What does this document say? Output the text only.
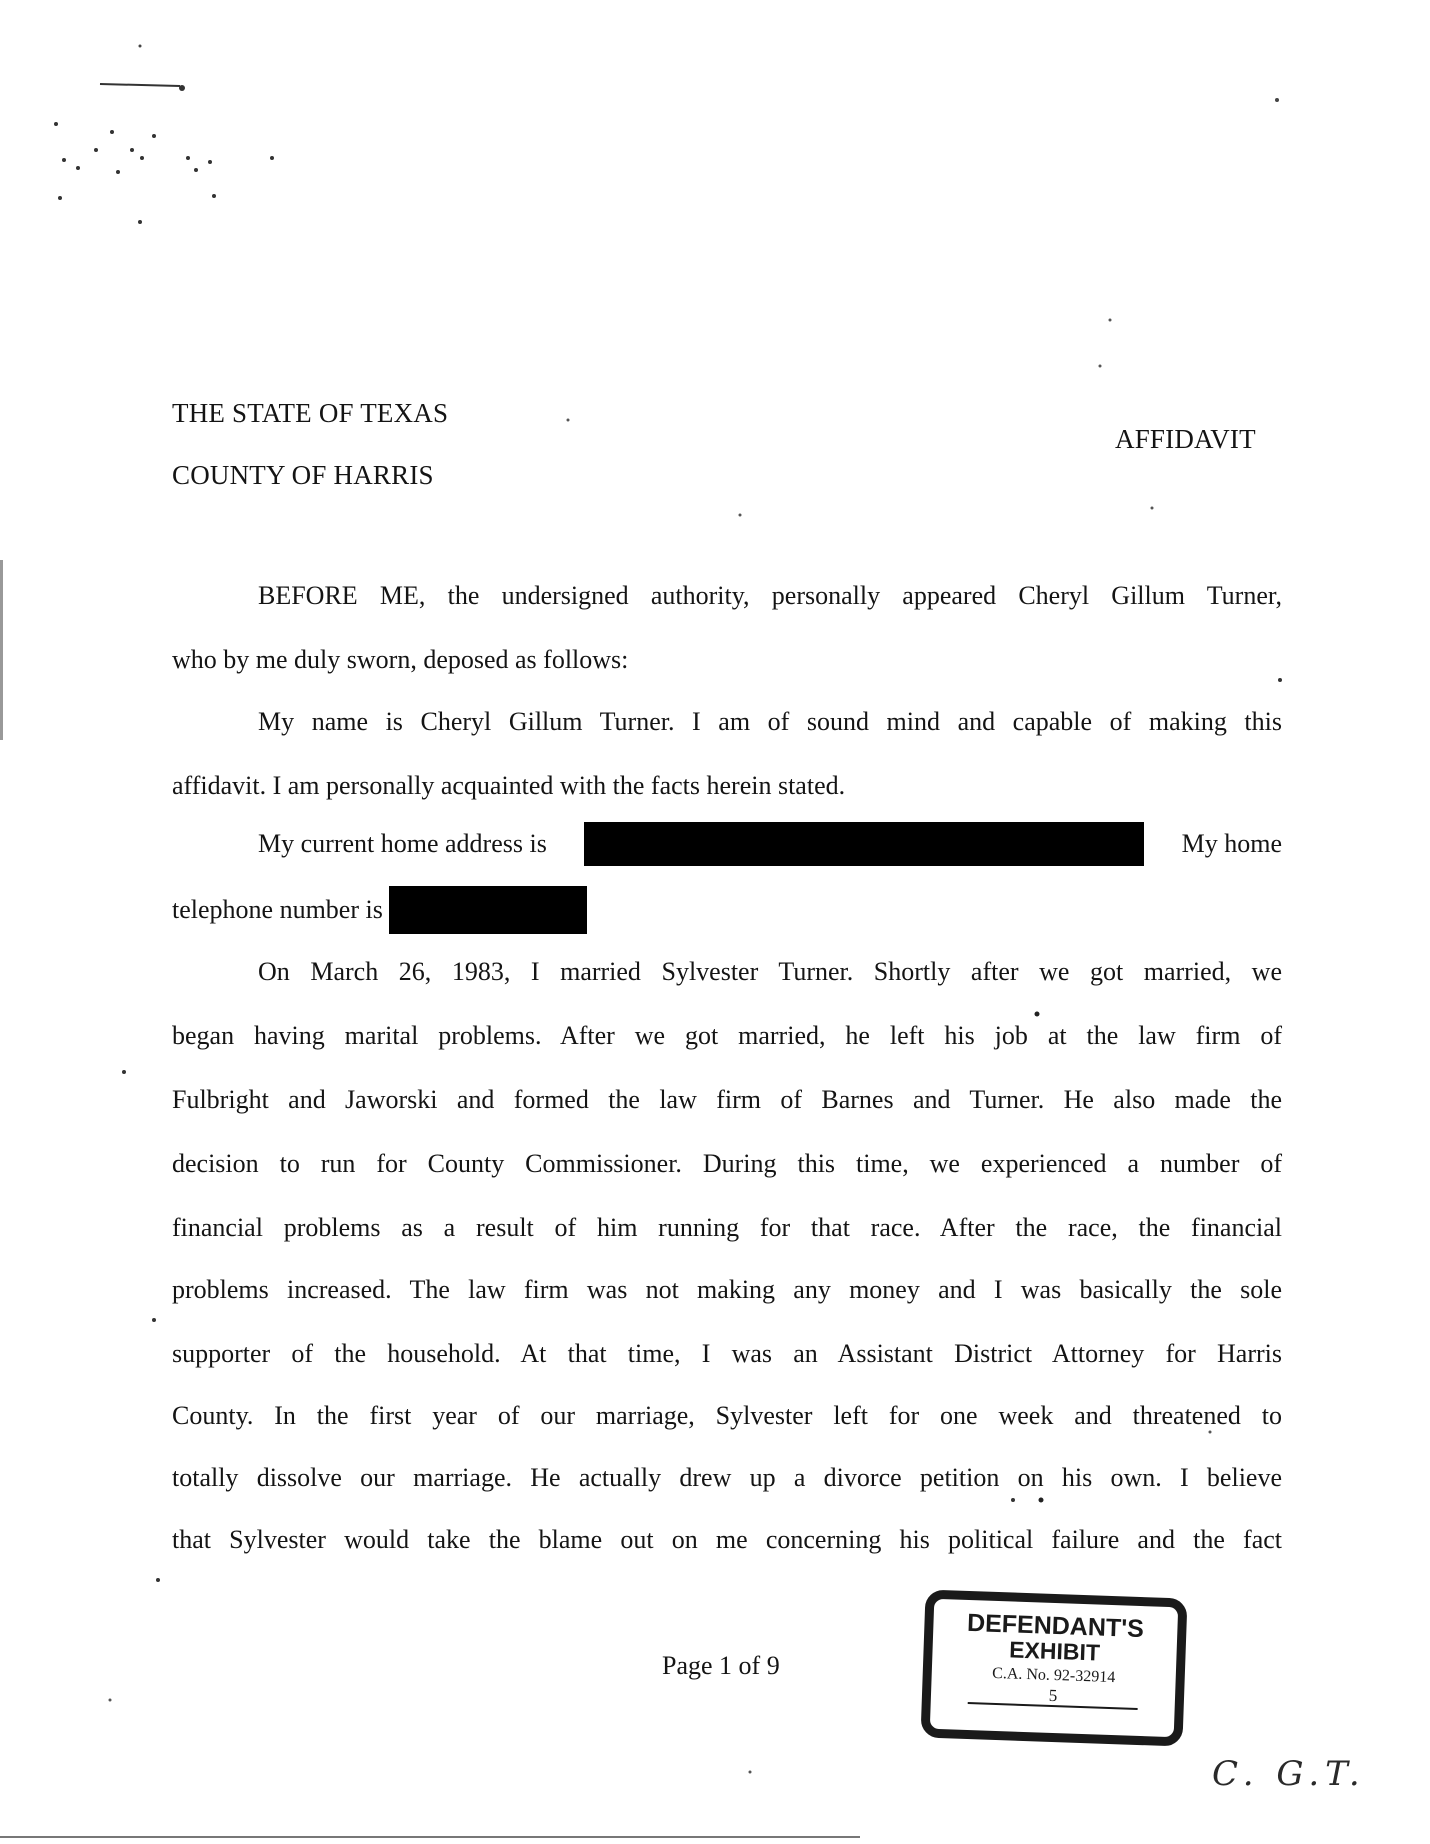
THE STATE OF TEXAS
COUNTY OF HARRIS
AFFIDAVIT
BEFORE ME, the undersigned authority, personally appeared Cheryl Gillum Turner,
who by me duly sworn, deposed as follows:
My name is Cheryl Gillum Turner. I am of sound mind and capable of making this
affidavit. I am personally acquainted with the facts herein stated.
My current home address is	My home
telephone number is
On March 26, 1983, I married Sylvester Turner. Shortly after we got married, we
began having marital problems. After we got married, he left his job at the law firm of
Fulbright and Jaworski and formed the law firm of Barnes and Turner. He also made the
decision to run for County Commissioner. During this time, we experienced a number of
financial problems as a result of him running for that race. After the race, the financial
problems increased. The law firm was not making any money and I was basically the sole
supporter of the household. At that time, I was an Assistant District Attorney for Harris
County. In the first year of our marriage, Sylvester left for one week and threatened to
totally dissolve our marriage. He actually drew up a divorce petition on his own. I believe
that Sylvester would take the blame out on me concerning his political failure and the fact
Page 1 of 9
DEFENDANT'S
EXHIBIT
C.A. No. 92-32914
5
C. G.T.
